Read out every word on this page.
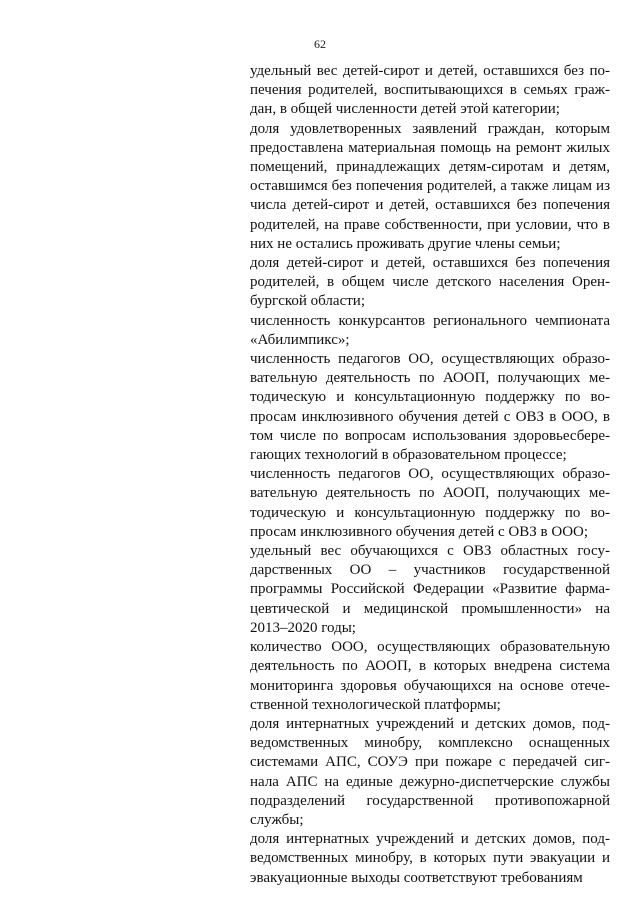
62

удельный вес детей-сирот и детей, оставшихся без попечения родителей, воспитывающихся в семьях граждан, в общей численности детей этой категории;

доля удовлетворенных заявлений граждан, которым предоставлена материальная помощь на ремонт жилых помещений, принадлежащих детям-сиротам и детям, оставшимся без попечения родителей, а также лицам из числа детей-сирот и детей, оставшихся без попечения родителей, на праве собственности, при условии, что в них не остались проживать другие члены семьи;

доля детей-сирот и детей, оставшихся без попечения родителей, в общем числе детского населения Оренбургской области;

численность конкурсантов регионального чемпионата «Абилимпикс»;

численность педагогов ОО, осуществляющих образовательную деятельность по АООП, получающих методическую и консультационную поддержку по вопросам инклюзивного обучения детей с ОВЗ в ООО, в том числе по вопросам использования здоровьесберегающих технологий в образовательном процессе;

численность педагогов ОО, осуществляющих образовательную деятельность по АООП, получающих методическую и консультационную поддержку по вопросам инклюзивного обучения детей с ОВЗ в ООО;

удельный вес обучающихся с ОВЗ областных государственных ОО – участников государственной программы Российской Федерации «Развитие фармацевтической и медицинской промышленности» на 2013–2020 годы;

количество ООО, осуществляющих образовательную деятельность по АООП, в которых внедрена система мониторинга здоровья обучающихся на основе отечественной технологической платформы;

доля интернатных учреждений и детских домов, подведомственных минобру, комплексно оснащенных системами АПС, СОУЭ при пожаре с передачей сигнала АПС на единые дежурно-диспетчерские службы подразделений государственной противопожарной службы;

доля интернатных учреждений и детских домов, подведомственных минобру, в которых пути эвакуации и эвакуационные выходы соответствуют требованиям
